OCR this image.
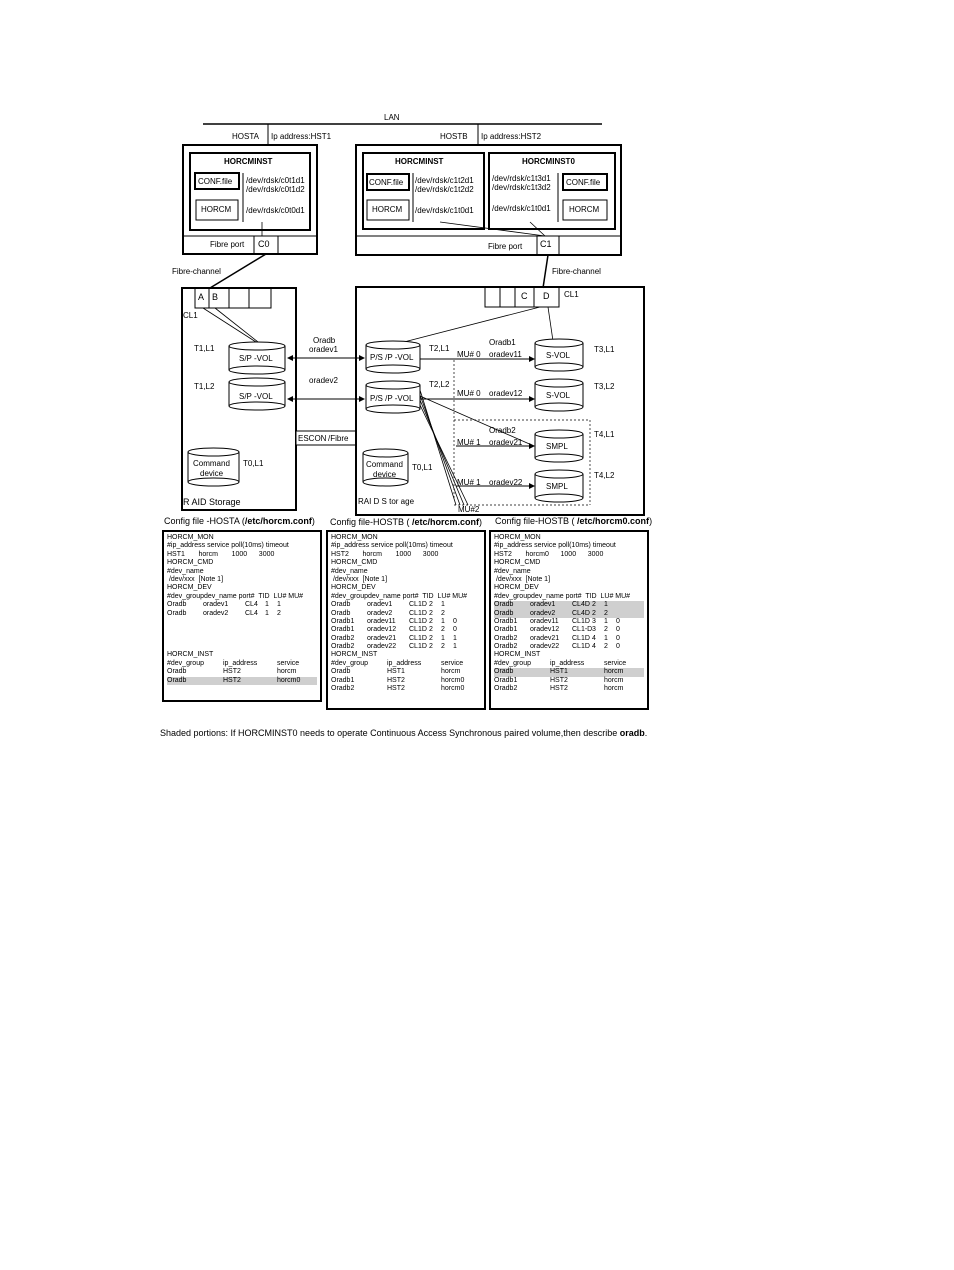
LAN
HOSTA Ip address:HST1	HOSTB Ip address:HST2
HORCMINST
CONF.file
HORCM
/dev/rdsk/c0t1d1
/dev/rdsk/c0t1d2
/dev/rdsk/c0t0d1
Fibre port C0
HORCMINST
CONF.file
HORCM
/dev/rdsk/c1t2d1
/dev/rdsk/c1t2d2
/dev/rdsk/c1t0d1
HORCMINST0
CONF.file
HORCM
/dev/rdsk/c1t3d1
/dev/rdsk/c1t3d2
/dev/rdsk/c1t0d1
Fibre port C1
Fibre-channel	Fibre-channel
A B
CL1
T1,L1
S/P -VOL
T1,L2
S/P -VOL
Command
device
T0,L1
R AID Storage
ESCON /Fibre
Oradb
oradev1
oradev2
C D CL1
P/S /P -VOL
P/S /P -VOL
T2,L1
T2,L2
MU# 0
Oradb1
oradev11
MU# 0 oradev12
MU# 1
Oradb2
oradev21
MU# 1 oradev22
MU#2
S-VOL
S-VOL
SMPL
SMPL
T3,L1
T3,L2
T4,L1
T4,L2
Command
device
T0,L1
RAI D S tor age
Config file -HOSTA (/etc/horcm.conf) Config file-HOSTB ( /etc/horcm.conf) Config file-HOSTB ( /etc/horcm0.conf)
HORCM_MON
#ip_address service poll(10ms) timeout
HST1       horcm       1000      3000
HORCM_CMD
#dev_name
/dev/xxx  [Note 1]
HORCM_DEV
#dev_groupdev_name port#  TID  LU# MU#
Oradb	oradev1	CL4	1	1
Oradb	oradev2	CL4	1	2
HORCM_INST
#dev_group	ip_address	service
Oradb	HST2	horcm
Oradb	HST2	horcm0
HORCM_MON
#ip_address service poll(10ms) timeout
HST2       horcm       1000      3000
HORCM_CMD
#dev_name
/dev/xxx  [Note 1]
HORCM_DEV
#dev_groupdev_name port#  TID  LU# MU#
Oradb	oradev1	CL1D 2	1
Oradb	oradev2	CL1D 2	2
Oradb1	oradev11	CL1D 2	1	0
Oradb1	oradev12	CL1D 2	2	0
Oradb2	oradev21	CL1D 2	1	1
Oradb2	oradev22	CL1D 2	2	1
HORCM_INST
#dev_group	ip_address	service
Oradb	HST1	horcm
Oradb1	HST2	horcm0
Oradb2	HST2	horcm0
HORCM_MON
#ip_address service poll(10ms) timeout
HST2       horcm0      1000      3000
HORCM_CMD
#dev_name
/dev/xxx  [Note 1]
HORCM_DEV
#dev_groupdev_name port#  TID  LU# MU#
Oradb	oradev1	CL4D 2	1
Oradb	oradev2	CL4D 2	2
Oradb1	oradev11	CL1D 3	1	0
Oradb1	oradev12	CL1-D 3	2	0
Oradb2	oradev21	CL1D 4	1	0
Oradb2	oradev22	CL1D 4	2	0
HORCM_INST
#dev_group	ip_address	service
Oradb	HST1	horcm
Oradb1	HST2	horcm
Oradb2	HST2	horcm
Shaded portions: If HORCMINST0 needs to operate Continuous Access Synchronous paired volume,then describe oradb.
